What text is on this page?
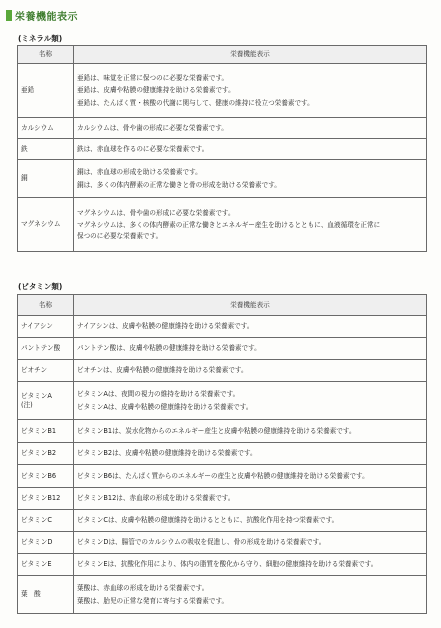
栄養機能表示
(ミネラル類)
名称	栄養機能表示
亜鉛	亜鉛は、味覚を正常に保つのに必要な栄養素です。
亜鉛は、皮膚や粘膜の健康維持を助ける栄養素です。
亜鉛は、たんぱく質・核酸の代謝に関与して、健康の維持に役立つ栄養素です。

カルシウム	カルシウムは、骨や歯の形成に必要な栄養素です。

鉄	鉄は、赤血球を作るのに必要な栄養素です。

銅	銅は、赤血球の形成を助ける栄養素です。
銅は、多くの体内酵素の正常な働きと骨の形成を助ける栄養素です。

マグネシウム	マグネシウムは、骨や歯の形成に必要な栄養素です。
マグネシウムは、多くの体内酵素の正常な働きとエネルギー産生を助けるとともに、血液循環を正常に
保つのに必要な栄養素です。
(ビタミン類)
名称	栄養機能表示
ナイアシン	ナイアシンは、皮膚や粘膜の健康維持を助ける栄養素です。

パントテン酸	パントテン酸は、皮膚や粘膜の健康維持を助ける栄養素です。

ビオチン	ビオチンは、皮膚や粘膜の健康維持を助ける栄養素です。

ビタミンA
(注)	ビタミンAは、夜間の視力の維持を助ける栄養素です。
ビタミンAは、皮膚や粘膜の健康維持を助ける栄養素です。

ビタミンB1	ビタミンB1は、炭水化物からのエネルギー産生と皮膚や粘膜の健康維持を助ける栄養素です。

ビタミンB2	ビタミンB2は、皮膚や粘膜の健康維持を助ける栄養素です。

ビタミンB6	ビタミンB6は、たんぱく質からのエネルギーの産生と皮膚や粘膜の健康維持を助ける栄養素です。

ビタミンB12	ビタミンB12は、赤血球の形成を助ける栄養素です。

ビタミンC	ビタミンCは、皮膚や粘膜の健康維持を助けるとともに、抗酸化作用を持つ栄養素です。

ビタミンD	ビタミンDは、腸管でのカルシウムの吸収を促進し、骨の形成を助ける栄養素です。

ビタミンE	ビタミンEは、抗酸化作用により、体内の脂質を酸化から守り、細胞の健康維持を助ける栄養素です。

葉　酸	葉酸は、赤血球の形成を助ける栄養素です。
葉酸は、胎児の正常な発育に寄与する栄養素です。
